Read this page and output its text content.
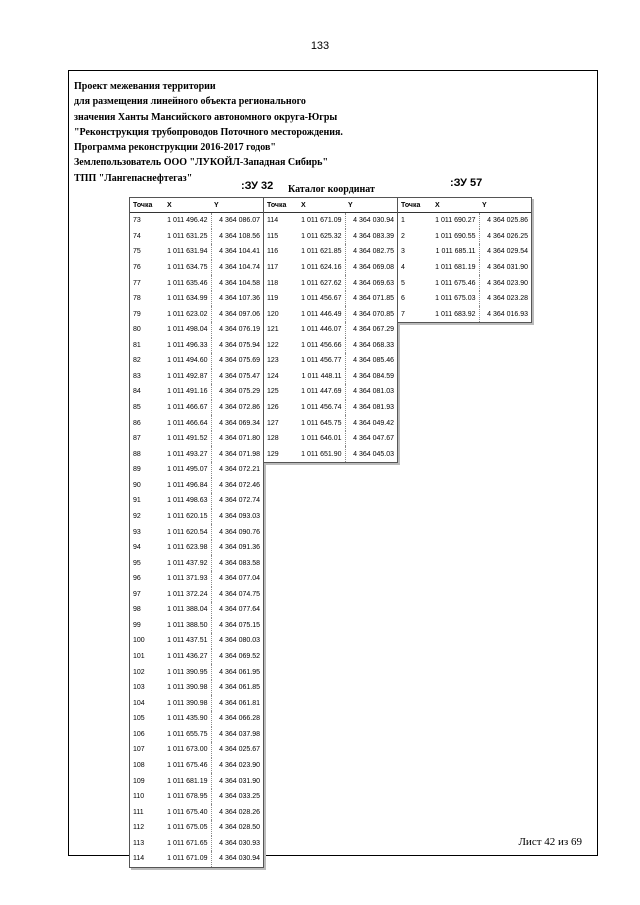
133
Проект межевания территории
для размещения линейного объекта регионального
значения Ханты Мансийского автономного округа-Югры
"Реконструкция трубопроводов Поточного месторождения.
Программа реконструкции 2016-2017 годов"
Землепользователь ООО "ЛУКОЙЛ-Западная Сибирь"
ТПП "Лангепаснефтегаз"
:ЗУ 32 Каталог координат
:ЗУ 57
Точка	X	Y
73	1 011 496.42	4 364 086.07
74	1 011 631.25	4 364 108.56
75	1 011 631.94	4 364 104.41
76	1 011 634.75	4 364 104.74
77	1 011 635.46	4 364 104.58
78	1 011 634.99	4 364 107.36
79	1 011 623.02	4 364 097.06
80	1 011 498.04	4 364 076.19
81	1 011 496.33	4 364 075.94
82	1 011 494.60	4 364 075.69
83	1 011 492.87	4 364 075.47
84	1 011 491.16	4 364 075.29
85	1 011 466.67	4 364 072.86
86	1 011 466.64	4 364 069.34
87	1 011 491.52	4 364 071.80
88	1 011 493.27	4 364 071.98
89	1 011 495.07	4 364 072.21
90	1 011 496.84	4 364 072.46
91	1 011 498.63	4 364 072.74
92	1 011 620.15	4 364 093.03
93	1 011 620.54	4 364 090.76
94	1 011 623.98	4 364 091.36
95	1 011 437.92	4 364 083.58
96	1 011 371.93	4 364 077.04
97	1 011 372.24	4 364 074.75
98	1 011 388.04	4 364 077.64
99	1 011 388.50	4 364 075.15
100	1 011 437.51	4 364 080.03
101	1 011 436.27	4 364 069.52
102	1 011 390.95	4 364 061.95
103	1 011 390.98	4 364 061.85
104	1 011 390.98	4 364 061.81
105	1 011 435.90	4 364 066.28
106	1 011 655.75	4 364 037.98
107	1 011 673.00	4 364 025.67
108	1 011 675.46	4 364 023.90
109	1 011 681.19	4 364 031.90
110	1 011 678.95	4 364 033.25
111	1 011 675.40	4 364 028.26
112	1 011 675.05	4 364 028.50
113	1 011 671.65	4 364 030.93
114	1 011 671.09	4 364 030.94
Точка	X	Y
114	1 011 671.09	4 364 030.94
115	1 011 625.32	4 364 083.39
116	1 011 621.85	4 364 082.75
117	1 011 624.16	4 364 069.08
118	1 011 627.62	4 364 069.63
119	1 011 456.67	4 364 071.85
120	1 011 446.49	4 364 070.85
121	1 011 446.07	4 364 067.29
122	1 011 456.66	4 364 068.33
123	1 011 456.77	4 364 085.46
124	1 011 448.11	4 364 084.59
125	1 011 447.69	4 364 081.03
126	1 011 456.74	4 364 081.93
127	1 011 645.75	4 364 049.42
128	1 011 646.01	4 364 047.67
129	1 011 651.90	4 364 045.03
Точка	X	Y
1	1 011 690.27	4 364 025.86
2	1 011 690.55	4 364 026.25
3	1 011 685.11	4 364 029.54
4	1 011 681.19	4 364 031.90
5	1 011 675.46	4 364 023.90
6	1 011 675.03	4 364 023.28
7	1 011 683.92	4 364 016.93
Лист 42 из 69
